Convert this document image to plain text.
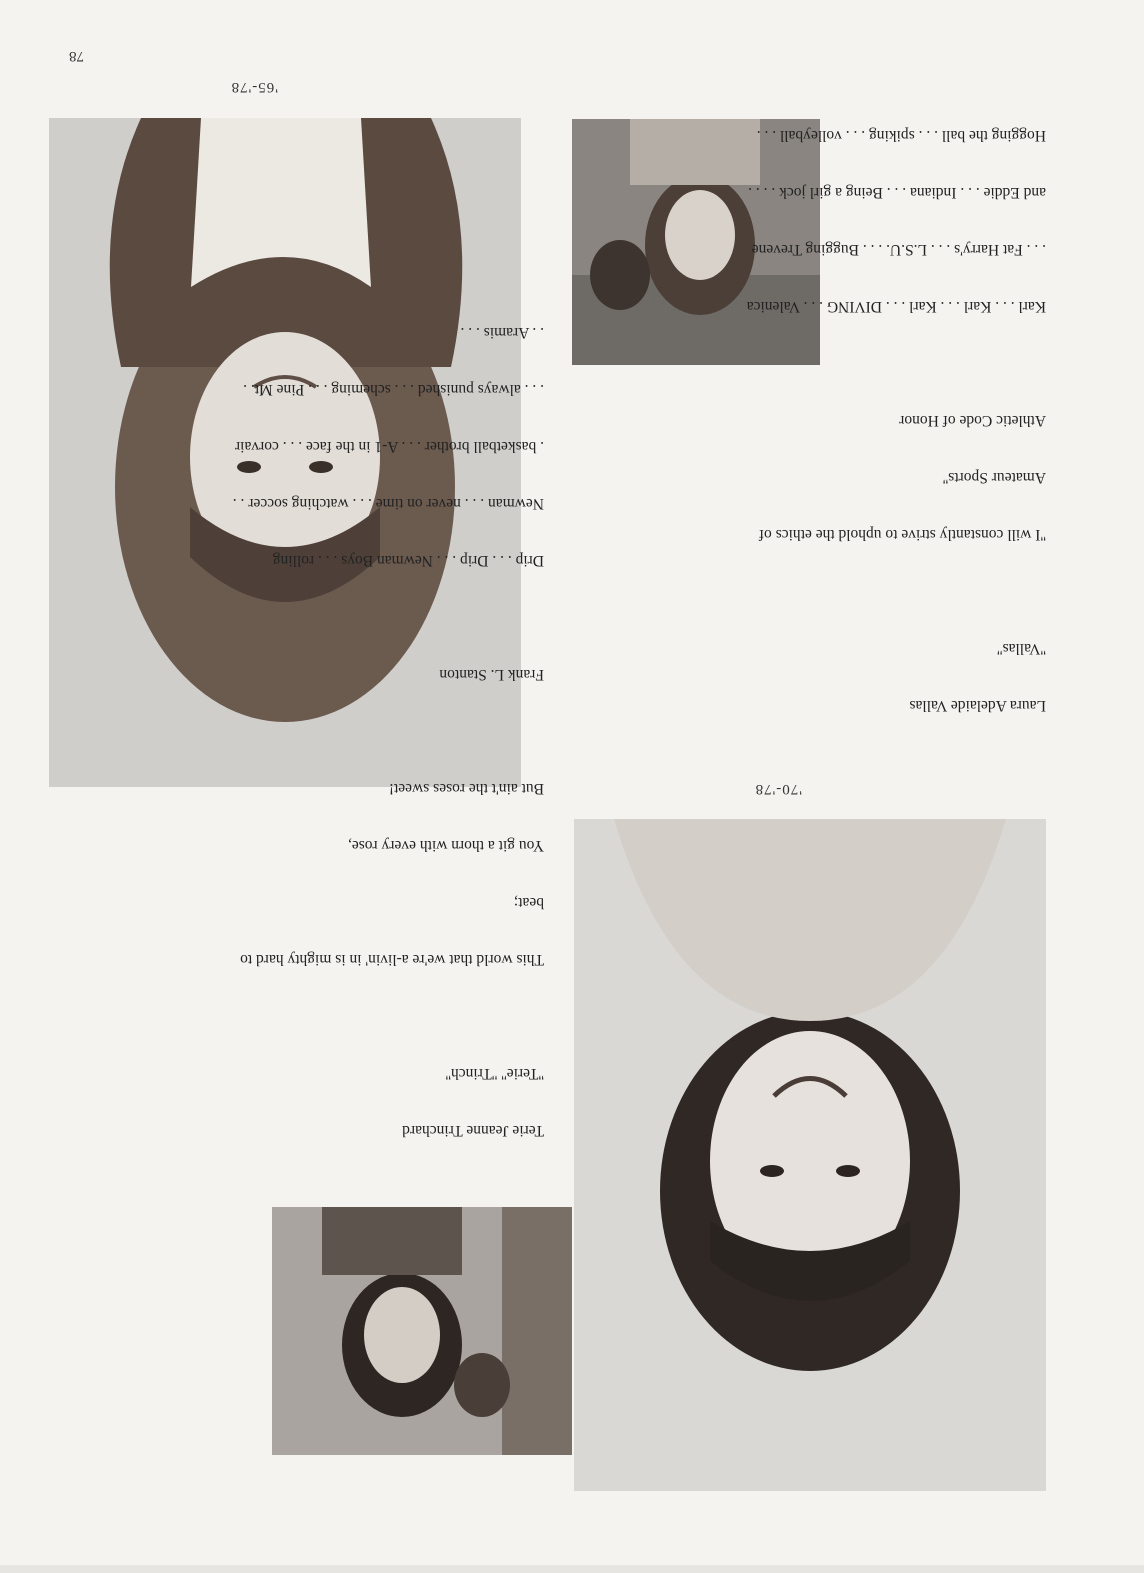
78
'65-'78

Laura Adelaide Vallas

''Vallas''

''I will constantly strive to uphold the ethics of

Amateur Sports''

Athletic Code of Honor

Karl . . . Karl . . . Karl . . . DIVING . . . Valenica

. . . Fat Harry's . . . L.S.U. . . . Bugging Trevene

and Eddie . . . Indiana . . . Being a girl jock . . . .

Hogging the ball . . . spiking . . . volleyball . . .

'70-'78

Terie Jeanne Trinchard

''Terie'' ''Trinch''

This world that we're a-livin' in is mighty hard to

beat;

You git a thorn with every rose,

But ain't the roses sweet!

Frank L. Stanton

Drip . . . Drip . . . Newman Boys . . . rolling

Newman . . . never on time . . . watching soccer . .

. basketball brother . . . A-1 in the face . . . corvair

. . . always punished . . . scheming . . . Pine Mt. .

. . Aramis . . .
